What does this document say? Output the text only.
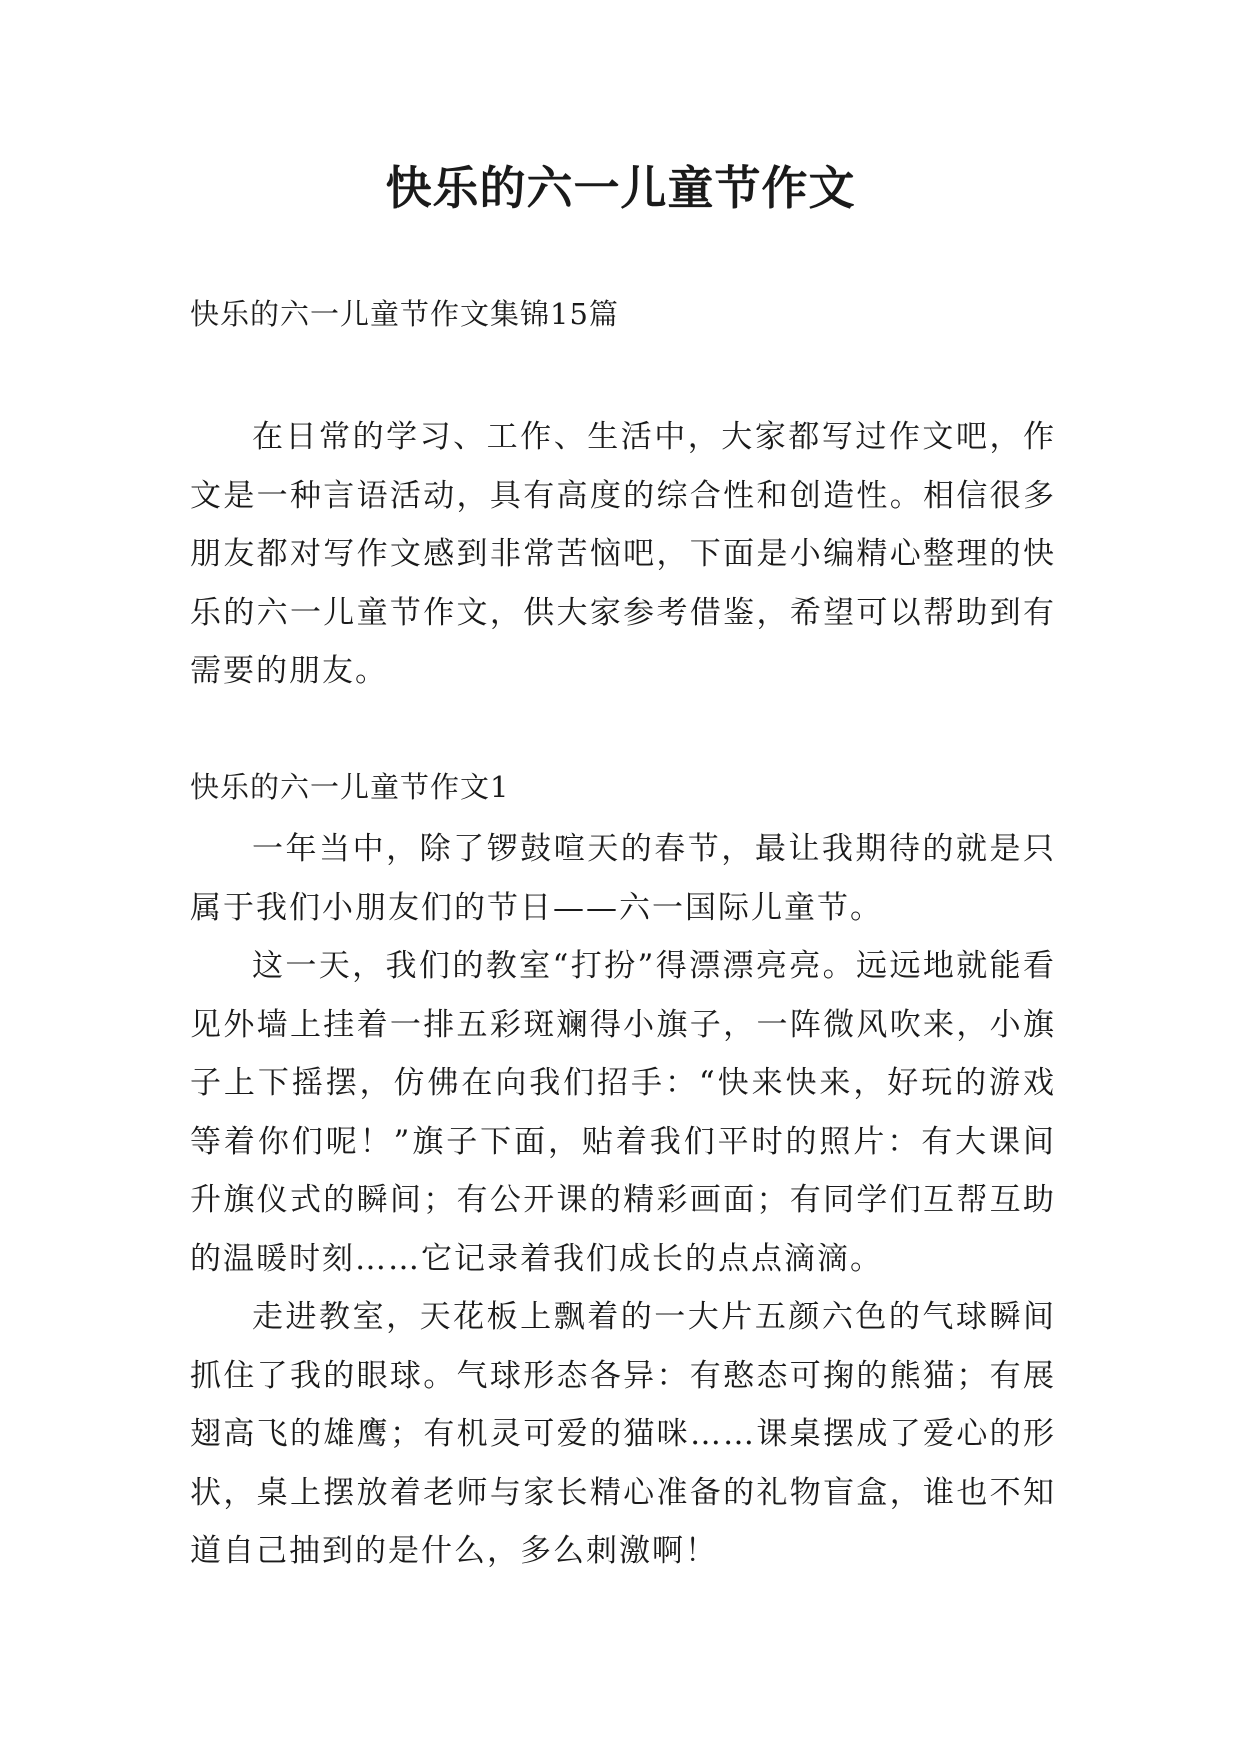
快乐的六一儿童节作文

快乐的六一儿童节作文集锦15篇

在日常的学习、工作、生活中，大家都写过作文吧，作文是一种言语活动，具有高度的综合性和创造性。相信很多朋友都对写作文感到非常苦恼吧，下面是小编精心整理的快乐的六一儿童节作文，供大家参考借鉴，希望可以帮助到有需要的朋友。

快乐的六一儿童节作文1

一年当中，除了锣鼓喧天的春节，最让我期待的就是只属于我们小朋友们的节日——六一国际儿童节。

这一天，我们的教室“打扮”得漂漂亮亮。远远地就能看见外墙上挂着一排五彩斑斓得小旗子，一阵微风吹来，小旗子上下摇摆，仿佛在向我们招手：“快来快来，好玩的游戏等着你们呢！”旗子下面，贴着我们平时的照片：有大课间升旗仪式的瞬间；有公开课的精彩画面；有同学们互帮互助的温暖时刻……它记录着我们成长的点点滴滴。

走进教室，天花板上飘着的一大片五颜六色的气球瞬间抓住了我的眼球。气球形态各异：有憨态可掬的熊猫；有展翅高飞的雄鹰；有机灵可爱的猫咪……课桌摆成了爱心的形状，桌上摆放着老师与家长精心准备的礼物盲盒，谁也不知道自己抽到的是什么，多么刺激啊！
